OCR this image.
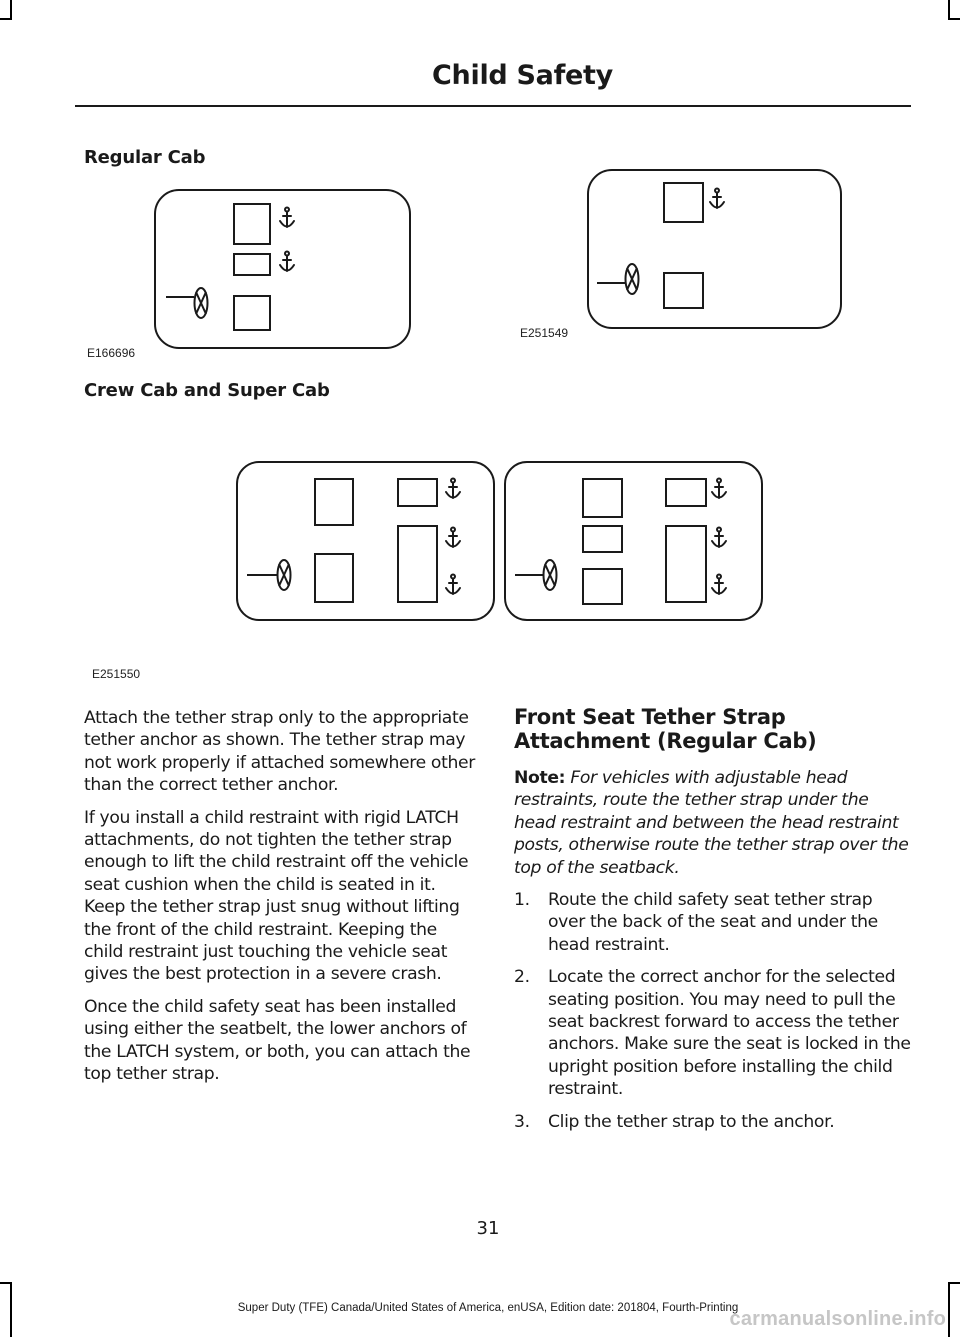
Child Safety
Regular Cab
E166696
E251549
Crew Cab and Super Cab
E251550

Attach the tether strap only to the appropriate tether anchor as shown. The tether strap may not work properly if attached somewhere other than the correct tether anchor.

If you install a child restraint with rigid LATCH attachments, do not tighten the tether strap enough to lift the child restraint off the vehicle seat cushion when the child is seated in it. Keep the tether strap just snug without lifting the front of the child restraint. Keeping the child restraint just touching the vehicle seat gives the best protection in a severe crash.

Once the child safety seat has been installed using either the seatbelt, the lower anchors of the LATCH system, or both, you can attach the top tether strap.

Front Seat Tether Strap Attachment (Regular Cab)

Note: For vehicles with adjustable head restraints, route the tether strap under the head restraint and between the head restraint posts, otherwise route the tether strap over the top of the seatback.

1. Route the child safety seat tether strap over the back of the seat and under the head restraint.
2. Locate the correct anchor for the selected seating position. You may need to pull the seat backrest forward to access the tether anchors. Make sure the seat is locked in the upright position before installing the child restraint.
3. Clip the tether strap to the anchor.
31
Super Duty (TFE) Canada/United States of America, enUSA, Edition date: 201804, Fourth-Printing
carmanualsonline.info
